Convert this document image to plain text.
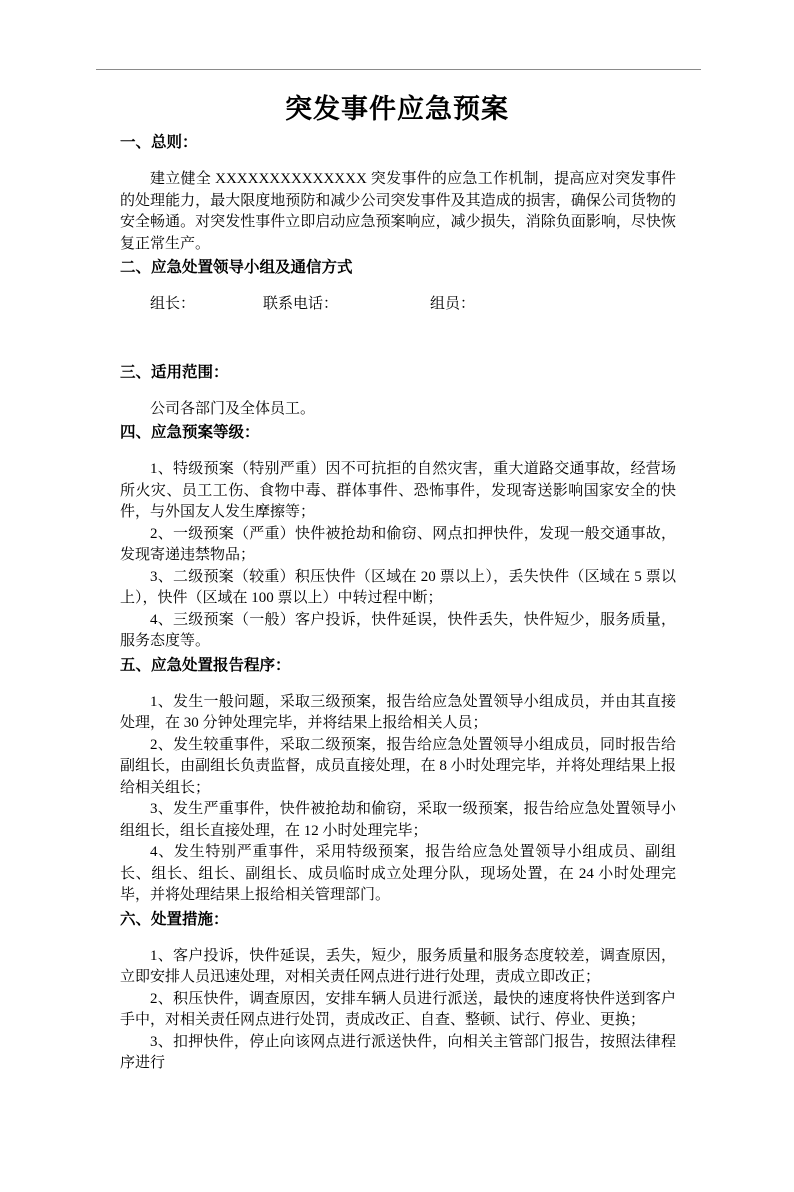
突发事件应急预案
一、总则：

建立健全 XXXXXXXXXXXXXX 突发事件的应急工作机制，提高应对突发事件的处理能力，最大限度地预防和减少公司突发事件及其造成的损害，确保公司货物的安全畅通。对突发性事件立即启动应急预案响应，减少损失，消除负面影响，尽快恢复正常生产。

二、应急处置领导小组及通信方式
组长：	联系电话：	组员：
三、适用范围：

公司各部门及全体员工。

四、应急预案等级：

1、特级预案（特别严重）因不可抗拒的自然灾害，重大道路交通事故，经营场所火灾、员工工伤、食物中毒、群体事件、恐怖事件，发现寄送影响国家安全的快件，与外国友人发生摩擦等；

2、一级预案（严重）快件被抢劫和偷窃、网点扣押快件，发现一般交通事故，发现寄递违禁物品；

3、二级预案（较重）积压快件（区域在 20 票以上），丢失快件（区域在 5 票以上），快件（区域在 100 票以上）中转过程中断；

4、三级预案（一般）客户投诉，快件延误，快件丢失，快件短少，服务质量，服务态度等。

五、应急处置报告程序：

1、发生一般问题，采取三级预案，报告给应急处置领导小组成员，并由其直接处理，在 30 分钟处理完毕，并将结果上报给相关人员；

2、发生较重事件，采取二级预案，报告给应急处置领导小组成员，同时报告给副组长，由副组长负责监督，成员直接处理，在 8 小时处理完毕，并将处理结果上报给相关组长；

3、发生严重事件，快件被抢劫和偷窃，采取一级预案，报告给应急处置领导小组组长，组长直接处理，在 12 小时处理完毕；

4、发生特别严重事件，采用特级预案，报告给应急处置领导小组成员、副组长、组长、组长、副组长、成员临时成立处理分队，现场处置，在 24 小时处理完毕，并将处理结果上报给相关管理部门。

六、处置措施：

1、客户投诉，快件延误，丢失，短少，服务质量和服务态度较差，调查原因，立即安排人员迅速处理，对相关责任网点进行进行处理，责成立即改正；

2、积压快件，调查原因，安排车辆人员进行派送，最快的速度将快件送到客户手中，对相关责任网点进行处罚，责成改正、自查、整顿、试行、停业、更换；

3、扣押快件，停止向该网点进行派送快件，向相关主管部门报告，按照法律程序进行
